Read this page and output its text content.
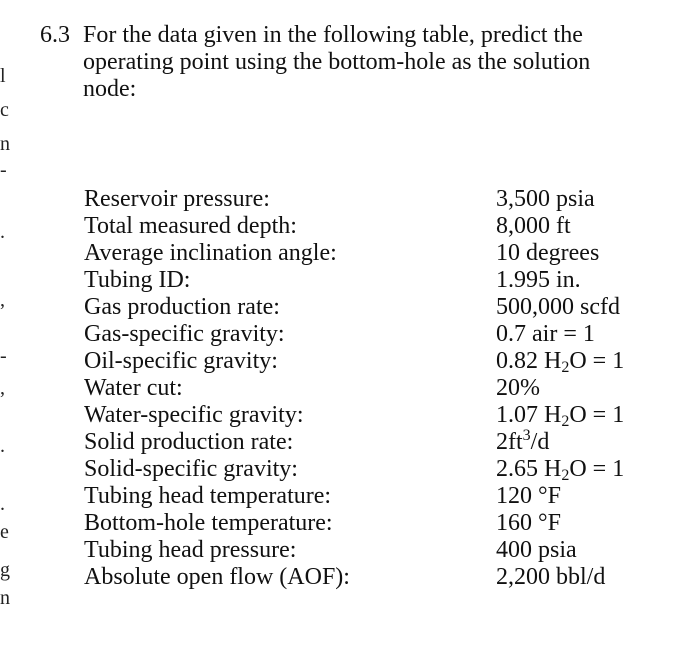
l
c
n
-
.
,
-
,
.
.
e
g
n
6.3 For the data given in the following table, predict the
operating point using the bottom-hole as the solution
node:
Reservoir pressure:	3,500 psia
Total measured depth:	8,000 ft
Average inclination angle:	10 degrees
Tubing ID:	1.995 in.
Gas production rate:	500,000 scfd
Gas-specific gravity:	0.7 air = 1
Oil-specific gravity:	0.82 $H_2O = 1$
Water cut:	20%
Water-specific gravity:	1.07 $H_2O = 1$
Solid production rate:	$2ft^3/d$
Solid-specific gravity:	2.65 $H_2O = 1$
Tubing head temperature:	120 °F
Bottom-hole temperature:	160 °F
Tubing head pressure:	400 psia
Absolute open flow (AOF):	2,200 bbl/d
